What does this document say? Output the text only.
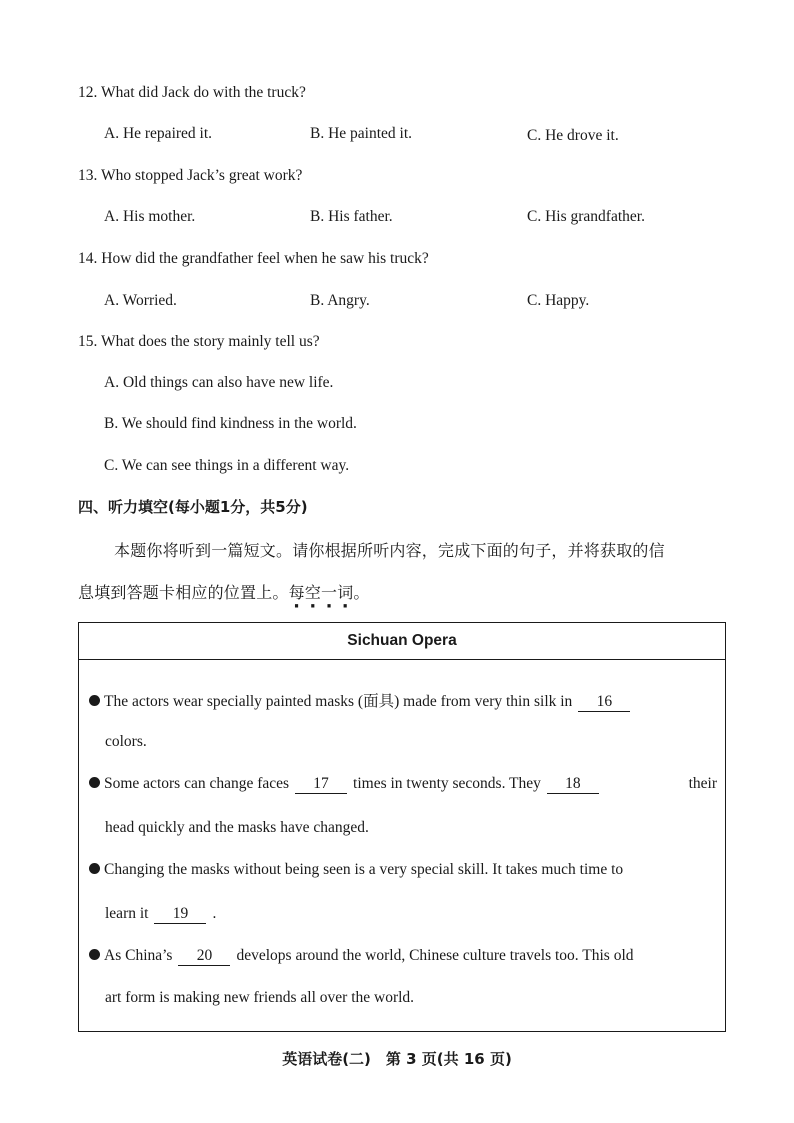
12. What did Jack do with the truck?
A. He repaired it.	B. He painted it.	C. He drove it.
13. Who stopped Jack’s great work?
A. His mother.	B. His father.	C. His grandfather.
14. How did the grandfather feel when he saw his truck?
A. Worried.	B. Angry.	C. Happy.
15. What does the story mainly tell us?
A. Old things can also have new life.
B. We should find kindness in the world.
C. We can see things in a different way.
四、听力填空(每小题1分，共5分)
本题你将听到一篇短文。请你根据所听内容，完成下面的句子，并将获取的信
息填到答题卡相应的位置上。每空一词。
Sichuan Opera
The actors wear specially painted masks (面具) made from very thin silk in 16
colors.
Some actors can change faces 17 times in twenty seconds. They 18	their
head quickly and the masks have changed.
Changing the masks without being seen is a very special skill. It takes much time to
learn it 19 .
As China’s 20 develops around the world, Chinese culture travels too. This old
art form is making new friends all over the world.
英语试卷(二)　第 3 页(共 16 页)
